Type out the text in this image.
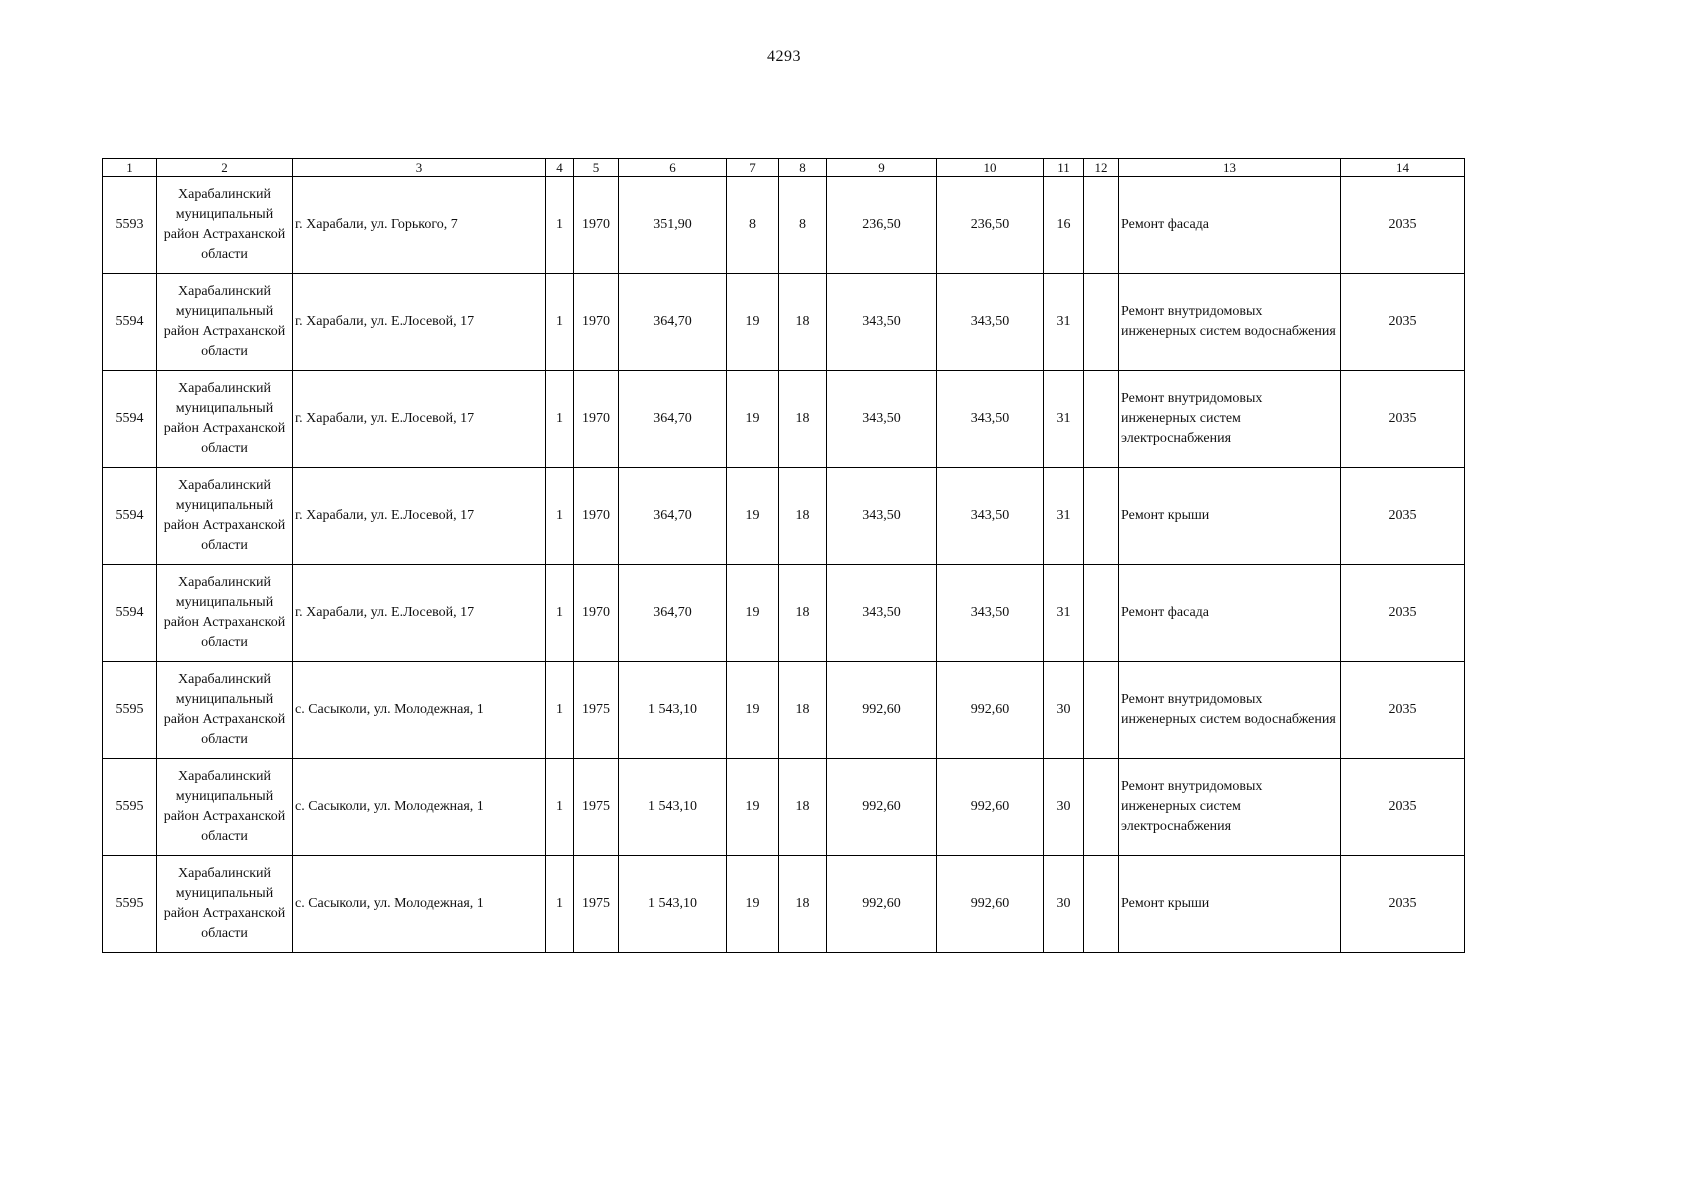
4293
1	2	3	4	5	6	7	8	9	10	11	12	13	14
5593	Харабалинский муниципальный район Астраханской области	г. Харабали, ул. Горького, 7	1	1970	351,90	8	8	236,50	236,50	16		Ремонт фасада	2035
5594	Харабалинский муниципальный район Астраханской области	г. Харабали, ул. Е.Лосевой, 17	1	1970	364,70	19	18	343,50	343,50	31		Ремонт внутридомовых инженерных систем водоснабжения	2035
5594	Харабалинский муниципальный район Астраханской области	г. Харабали, ул. Е.Лосевой, 17	1	1970	364,70	19	18	343,50	343,50	31		Ремонт внутридомовых инженерных систем электроснабжения	2035
5594	Харабалинский муниципальный район Астраханской области	г. Харабали, ул. Е.Лосевой, 17	1	1970	364,70	19	18	343,50	343,50	31		Ремонт крыши	2035
5594	Харабалинский муниципальный район Астраханской области	г. Харабали, ул. Е.Лосевой, 17	1	1970	364,70	19	18	343,50	343,50	31		Ремонт фасада	2035
5595	Харабалинский муниципальный район Астраханской области	с. Сасыколи, ул. Молодежная, 1	1	1975	1 543,10	19	18	992,60	992,60	30		Ремонт внутридомовых инженерных систем водоснабжения	2035
5595	Харабалинский муниципальный район Астраханской области	с. Сасыколи, ул. Молодежная, 1	1	1975	1 543,10	19	18	992,60	992,60	30		Ремонт внутридомовых инженерных систем электроснабжения	2035
5595	Харабалинский муниципальный район Астраханской области	с. Сасыколи, ул. Молодежная, 1	1	1975	1 543,10	19	18	992,60	992,60	30		Ремонт крыши	2035
